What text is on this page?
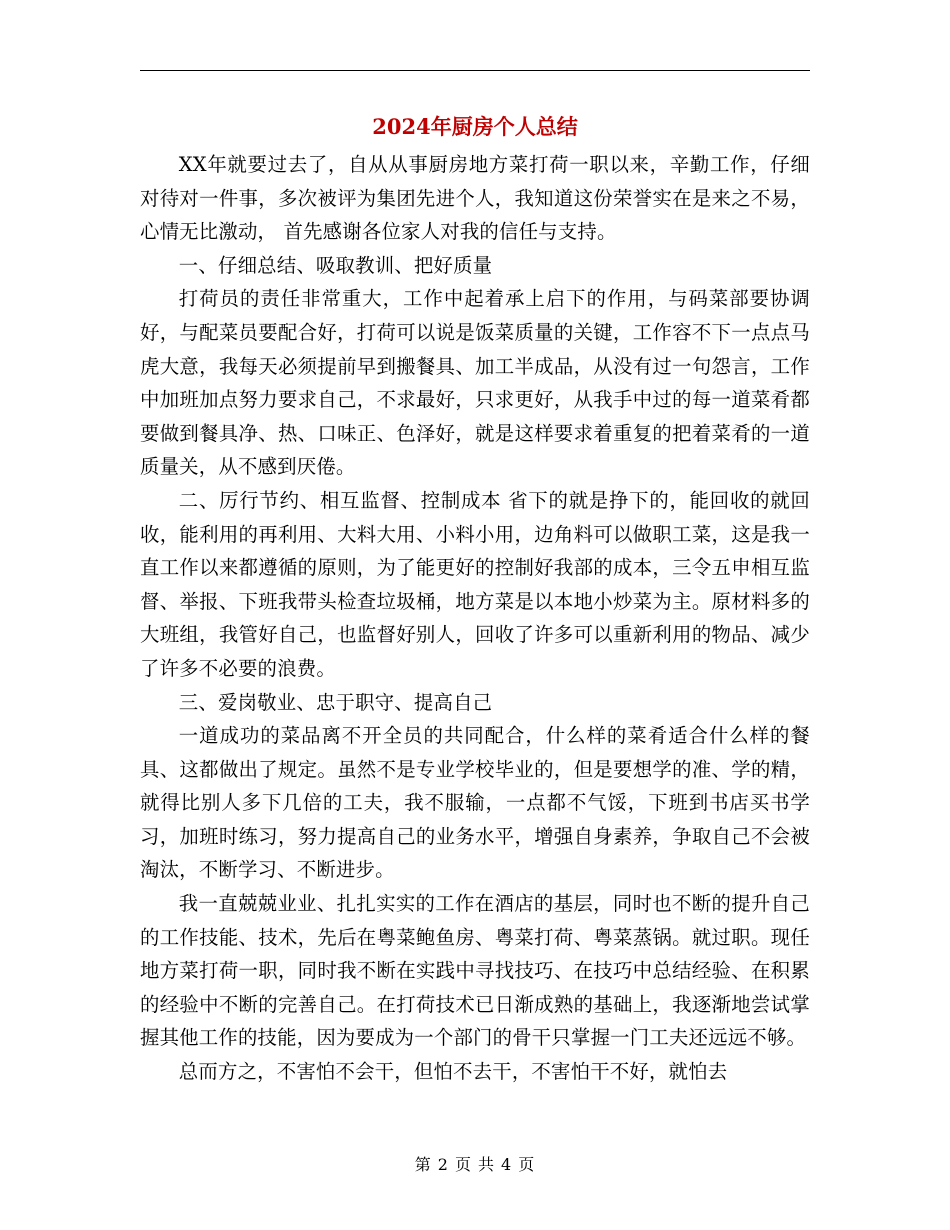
2024年厨房个人总结

XX年就要过去了，自从从事厨房地方菜打荷一职以来，辛勤工作，仔细对待对一件事，多次被评为集团先进个人，我知道这份荣誉实在是来之不易，心情无比激动， 首先感谢各位家人对我的信任与支持。

一、仔细总结、吸取教训、把好质量

打荷员的责任非常重大，工作中起着承上启下的作用，与码菜部要协调好，与配菜员要配合好，打荷可以说是饭菜质量的关键，工作容不下一点点马虎大意，我每天必须提前早到搬餐具、加工半成品，从没有过一句怨言，工作中加班加点努力要求自己，不求最好，只求更好，从我手中过的每一道菜肴都要做到餐具净、热、口味正、色泽好，就是这样要求着重复的把着菜肴的一道质量关，从不感到厌倦。

二、厉行节约、相互监督、控制成本 省下的就是挣下的，能回收的就回收，能利用的再利用、大料大用、小料小用，边角料可以做职工菜，这是我一直工作以来都遵循的原则，为了能更好的控制好我部的成本，三令五申相互监督、举报、下班我带头检查垃圾桶，地方菜是以本地小炒菜为主。原材料多的大班组，我管好自己，也监督好别人，回收了许多可以重新利用的物品、减少了许多不必要的浪费。

三、爱岗敬业、忠于职守、提高自己

一道成功的菜品离不开全员的共同配合，什么样的菜肴适合什么样的餐具、这都做出了规定。虽然不是专业学校毕业的，但是要想学的准、学的精，就得比别人多下几倍的工夫，我不服输，一点都不气馁，下班到书店买书学习，加班时练习，努力提高自己的业务水平，增强自身素养，争取自己不会被淘汰，不断学习、不断进步。

我一直兢兢业业、扎扎实实的工作在酒店的基层，同时也不断的提升自己的工作技能、技术，先后在粤菜鲍鱼房、粤菜打荷、粤菜蒸锅。就过职。现任地方菜打荷一职，同时我不断在实践中寻找技巧、在技巧中总结经验、在积累的经验中不断的完善自己。在打荷技术已日渐成熟的基础上，我逐渐地尝试掌握其他工作的技能，因为要成为一个部门的骨干只掌握一门工夫还远远不够。

总而方之，不害怕不会干，但怕不去干，不害怕干不好，就怕去

第 2 页 共 4 页
